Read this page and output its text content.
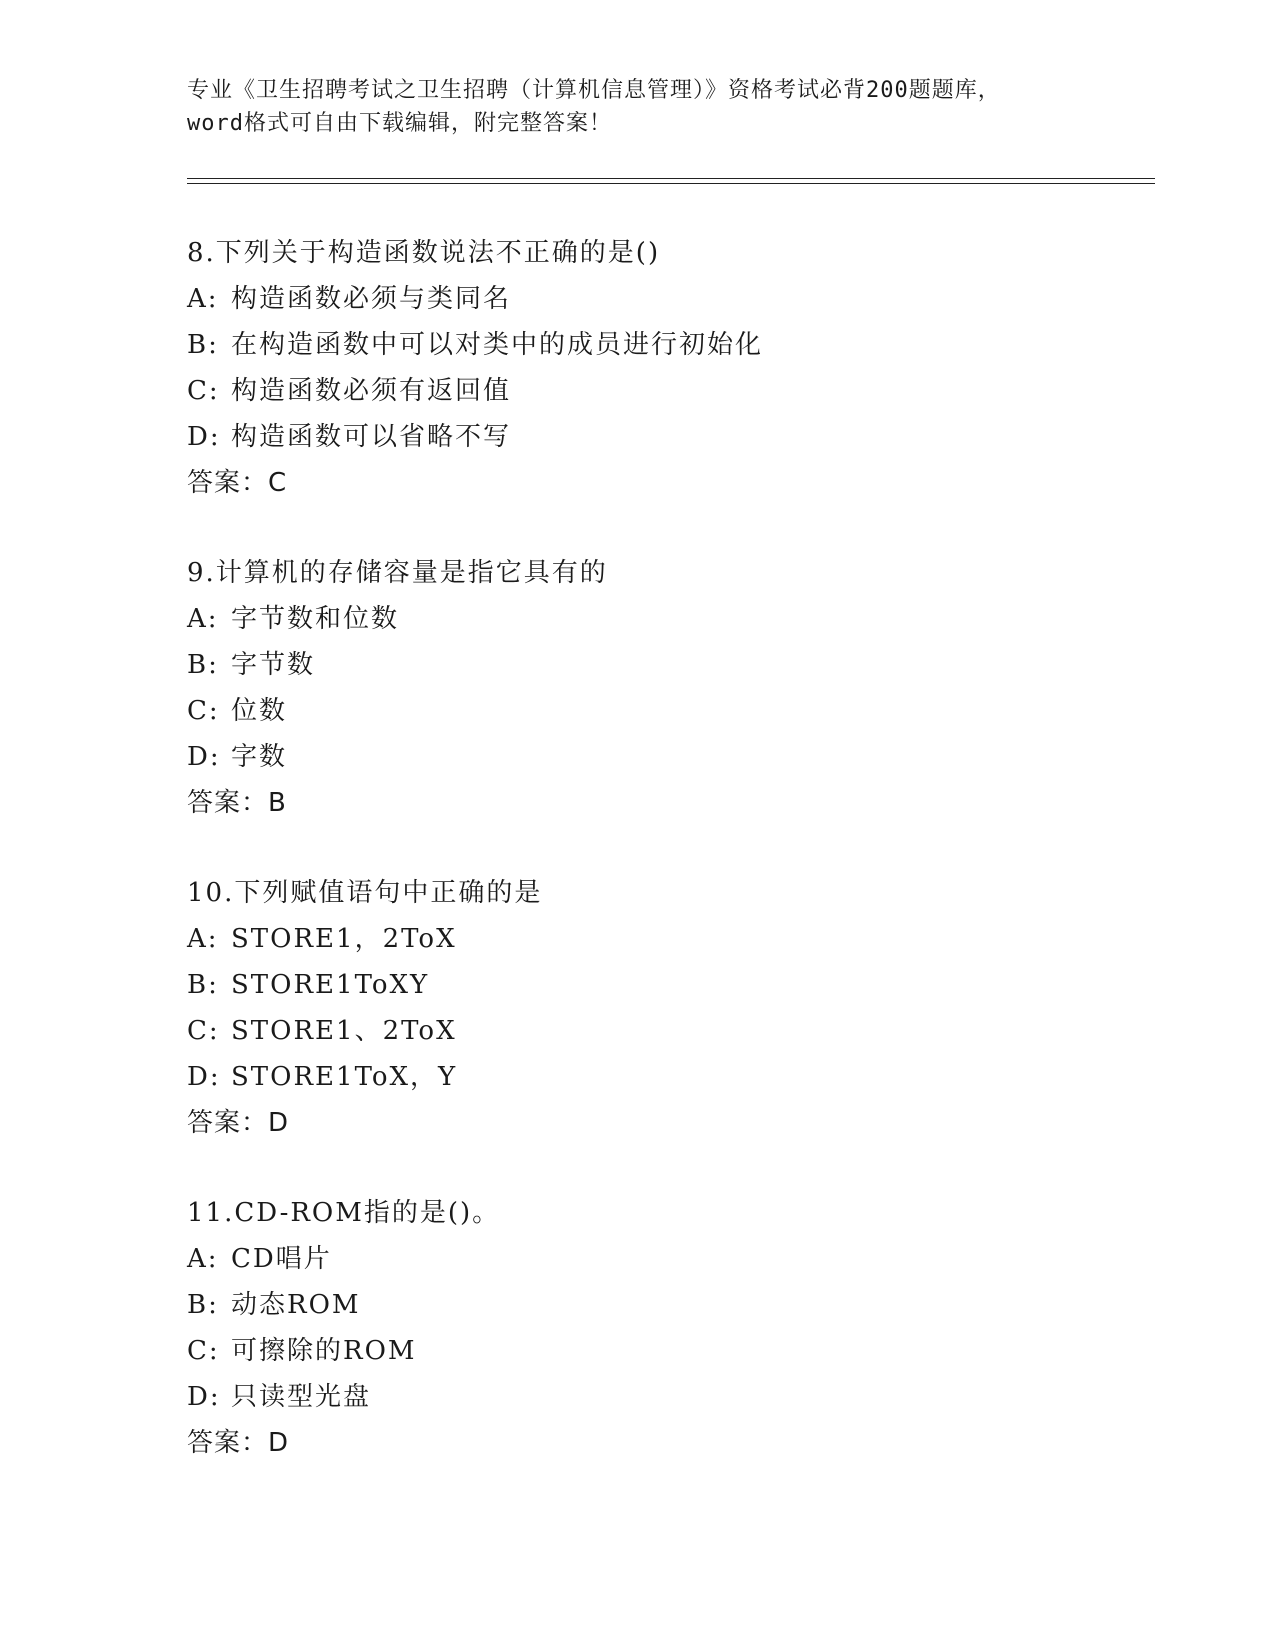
专业《卫生招聘考试之卫生招聘（计算机信息管理）》资格考试必背200题题库，
word格式可自由下载编辑，附完整答案！
8.下列关于构造函数说法不正确的是()
A: 构造函数必须与类同名
B: 在构造函数中可以对类中的成员进行初始化
C: 构造函数必须有返回值
D: 构造函数可以省略不写
答案：C
9.计算机的存储容量是指它具有的
A: 字节数和位数
B: 字节数
C: 位数
D: 字数
答案：B
10.下列赋值语句中正确的是
A: STORE1，2ToX
B: STORE1ToXY
C: STORE1、2ToX
D: STORE1ToX，Y
答案：D
11.CD-ROM指的是()。
A: CD唱片
B: 动态ROM
C: 可擦除的ROM
D: 只读型光盘
答案：D
